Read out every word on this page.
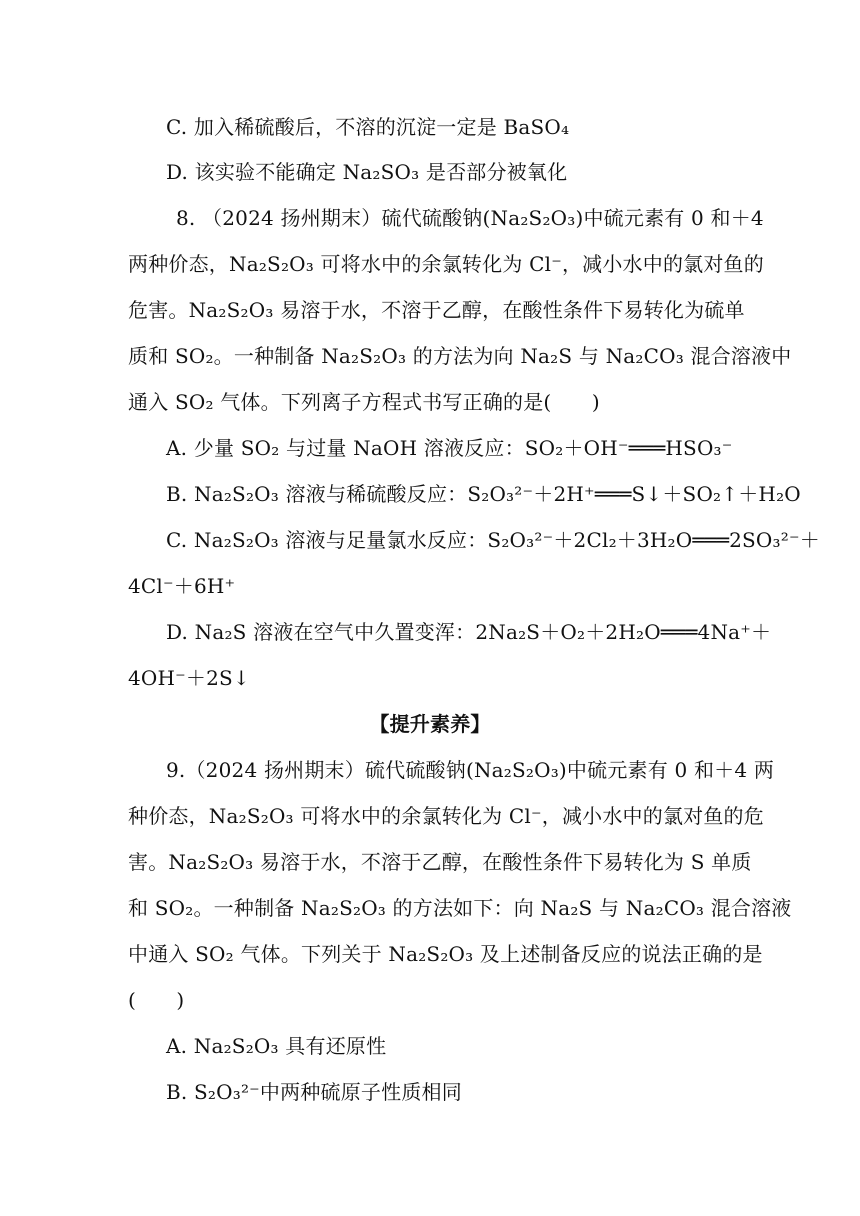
C. 加入稀硫酸后，不溶的沉淀一定是 BaSO₄
D. 该实验不能确定 Na₂SO₃ 是否部分被氧化
8. （2024 扬州期末）硫代硫酸钠(Na₂S₂O₃)中硫元素有 0 和＋4
两种价态，Na₂S₂O₃ 可将水中的余氯转化为 Cl⁻，减小水中的氯对鱼的
危害。Na₂S₂O₃ 易溶于水，不溶于乙醇，在酸性条件下易转化为硫单
质和 SO₂。一种制备 Na₂S₂O₃ 的方法为向 Na₂S 与 Na₂CO₃ 混合溶液中
通入 SO₂ 气体。下列离子方程式书写正确的是(　　)
A. 少量 SO₂ 与过量 NaOH 溶液反应：SO₂＋OH⁻═══HSO₃⁻
B. Na₂S₂O₃ 溶液与稀硫酸反应：S₂O₃²⁻＋2H⁺═══S↓＋SO₂↑＋H₂O
C. Na₂S₂O₃ 溶液与足量氯水反应：S₂O₃²⁻＋2Cl₂＋3H₂O═══2SO₃²⁻＋
4Cl⁻＋6H⁺
D. Na₂S 溶液在空气中久置变浑：2Na₂S＋O₂＋2H₂O═══4Na⁺＋
4OH⁻＋2S↓
【提升素养】
9.（2024 扬州期末）硫代硫酸钠(Na₂S₂O₃)中硫元素有 0 和＋4 两
种价态，Na₂S₂O₃ 可将水中的余氯转化为 Cl⁻，减小水中的氯对鱼的危
害。Na₂S₂O₃ 易溶于水，不溶于乙醇，在酸性条件下易转化为 S 单质
和 SO₂。一种制备 Na₂S₂O₃ 的方法如下：向 Na₂S 与 Na₂CO₃ 混合溶液
中通入 SO₂ 气体。下列关于 Na₂S₂O₃ 及上述制备反应的说法正确的是
(　　)
A. Na₂S₂O₃ 具有还原性
B. S₂O₃²⁻中两种硫原子性质相同
